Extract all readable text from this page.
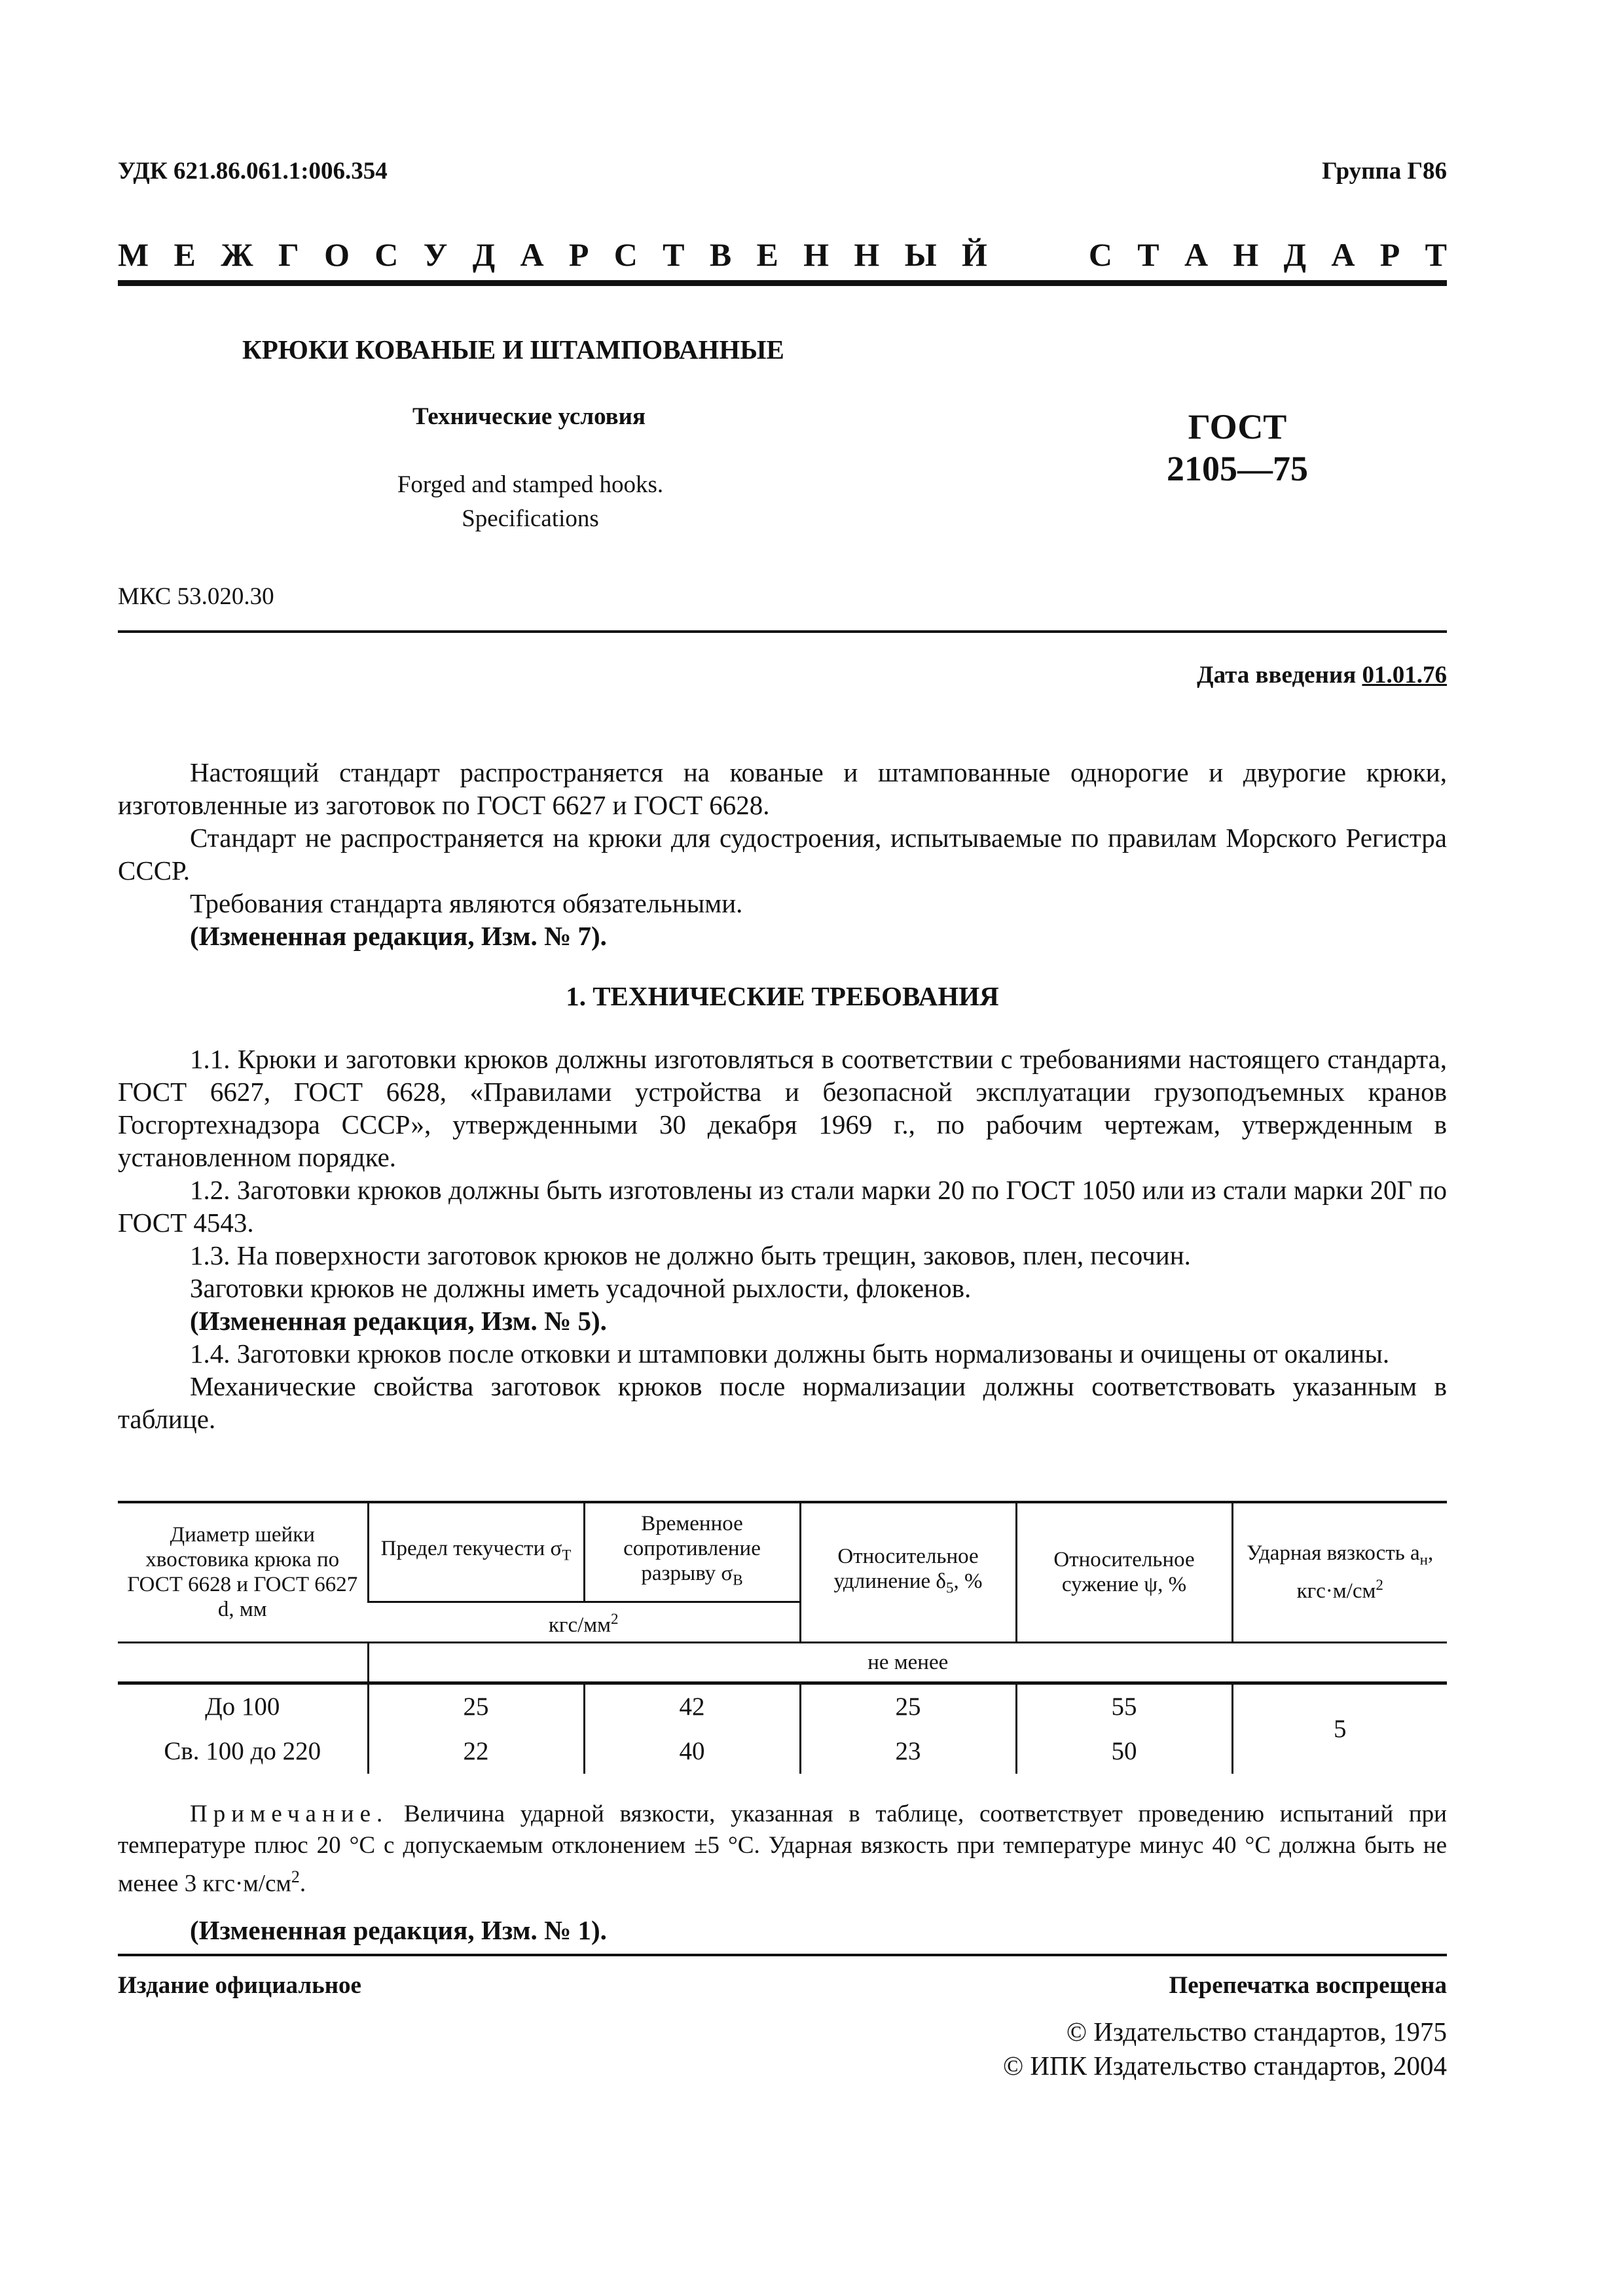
УДК 621.86.061.1:006.354	Группа Г86
М Е Ж Г О С У Д А Р С Т В Е Н Н Ы Й	С Т А Н Д А Р Т
КРЮКИ КОВАНЫЕ И ШТАМПОВАННЫЕ
Технические условия
Forged and stamped hooks.
Specifications
ГОСТ
2105—75
МКС 53.020.30
Дата введения 01.01.76

Настоящий стандарт распространяется на кованые и штампованные однорогие и двурогие крюки, изготовленные из заготовок по ГОСТ 6627 и ГОСТ 6628.

Стандарт не распространяется на крюки для судостроения, испытываемые по правилам Морского Регистра СССР.

Требования стандарта являются обязательными.

(Измененная редакция, Изм. № 7).

1. ТЕХНИЧЕСКИЕ ТРЕБОВАНИЯ

1.1. Крюки и заготовки крюков должны изготовляться в соответствии с требованиями настоящего стандарта, ГОСТ 6627, ГОСТ 6628, «Правилами устройства и безопасной эксплуатации грузоподъемных кранов Госгортехнадзора СССР», утвержденными 30 декабря 1969 г., по рабочим чертежам, утвержденным в установленном порядке.

1.2. Заготовки крюков должны быть изготовлены из стали марки 20 по ГОСТ 1050 или из стали марки 20Г по ГОСТ 4543.

1.3. На поверхности заготовок крюков не должно быть трещин, заковов, плен, песочин.

Заготовки крюков не должны иметь усадочной рыхлости, флокенов.

(Измененная редакция, Изм. № 5).

1.4. Заготовки крюков после отковки и штамповки должны быть нормализованы и очищены от окалины.

Механические свойства заготовок крюков после нормализации должны соответствовать указанным в таблице.

Диаметр шейки хвостовика крюка по ГОСТ 6628 и ГОСТ 6627 d, мм	Предел текучести $\sigma_Т$	Временное сопротивление разрыву $\sigma_В$	Относительное удлинение $\delta_5$, %	Относительное сужение ψ, %	Ударная вязкость $a_н$, $кгс\cdot м/см^2$
	кгс/$мм^2$
	не менее				
До 100	25	42	25	55	5
Св. 100 до 220	22	40	23	50	

Примечание. Величина ударной вязкости, указанная в таблице, соответствует проведению испытаний при температуре плюс 20 °С с допускаемым отклонением ±5 °С. Ударная вязкость при температуре минус 40 °С должна быть не менее 3 $кгс\cdot м/см^2$.

(Измененная редакция, Изм. № 1).
Издание официальное	Перепечатка воспрещена
© Издательство стандартов, 1975
© ИПК Издательство стандартов, 2004
